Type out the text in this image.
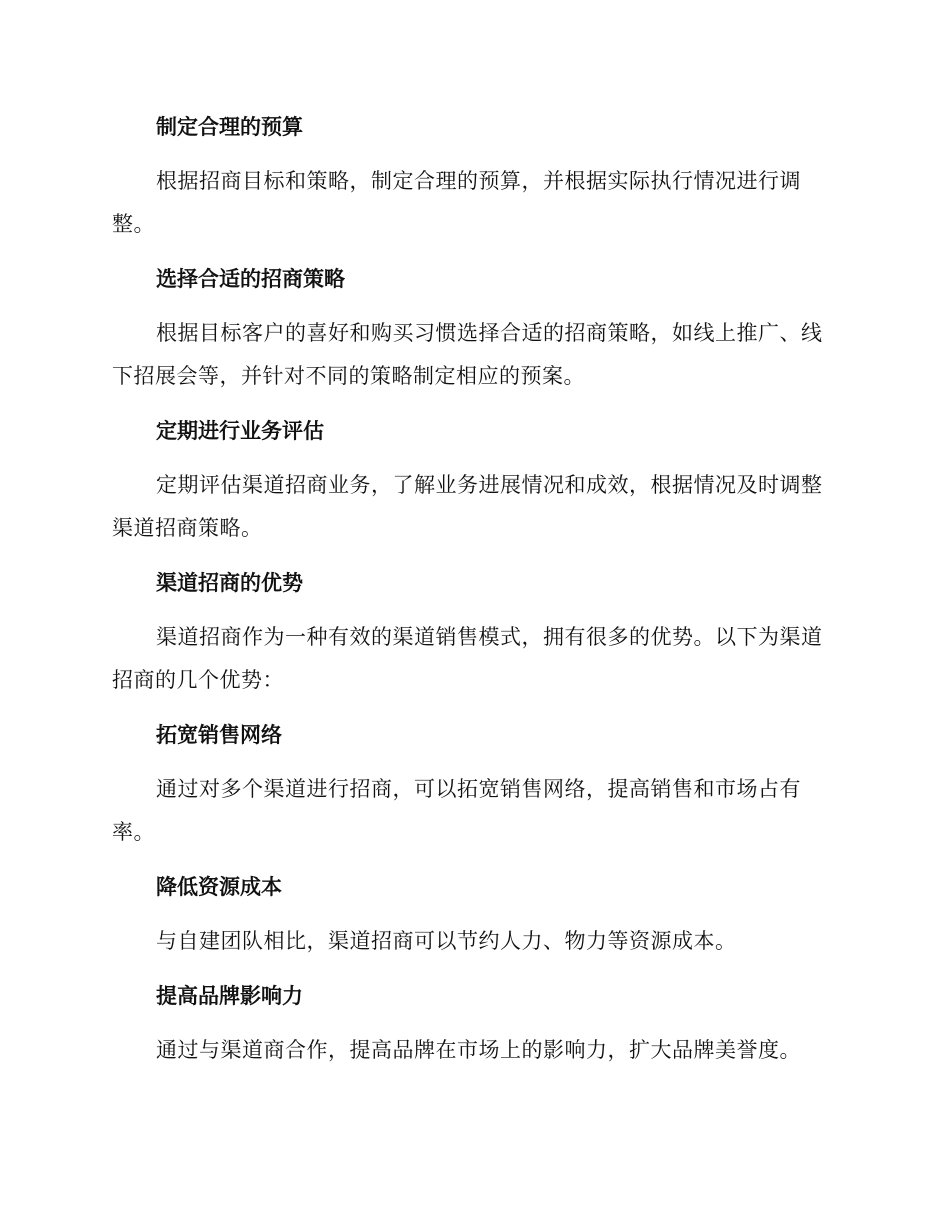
制定合理的预算

根据招商目标和策略，制定合理的预算，并根据实际执行情况进行调整。

选择合适的招商策略

根据目标客户的喜好和购买习惯选择合适的招商策略，如线上推广、线下招展会等，并针对不同的策略制定相应的预案。

定期进行业务评估

定期评估渠道招商业务，了解业务进展情况和成效，根据情况及时调整渠道招商策略。

渠道招商的优势

渠道招商作为一种有效的渠道销售模式，拥有很多的优势。以下为渠道招商的几个优势：

拓宽销售网络

通过对多个渠道进行招商，可以拓宽销售网络，提高销售和市场占有率。

降低资源成本

与自建团队相比，渠道招商可以节约人力、物力等资源成本。

提高品牌影响力

通过与渠道商合作，提高品牌在市场上的影响力，扩大品牌美誉度。
